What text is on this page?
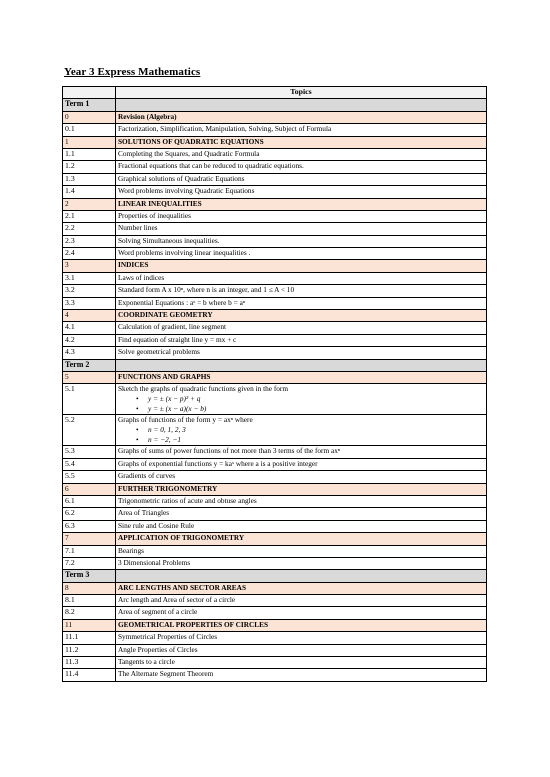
Year 3 Express Mathematics
	Topics
Term 1	
0	Revision (Algebra)
0.1	Factorization, Simplification, Manipulation, Solving, Subject of Formula
1	SOLUTIONS OF QUADRATIC EQUATIONS
1.1	Completing the Squares, and Quadratic Formula
1.2	Fractional equations that can be reduced to quadratic equations.
1.3	Graphical solutions of Quadratic Equations
1.4	Word problems involving Quadratic Equations
2	LINEAR INEQUALITIES
2.1	Properties of inequalities
2.2	Number lines
2.3	Solving Simultaneous inequalities.
2.4	Word problems involving linear inequalities .
3	INDICES
3.1	Laws of indices
3.2	Standard form A x 10ⁿ, where n is an integer, and 1 ≤ A < 10
3.3	Exponential Equations : aˣ = b where b = aⁿ
4	COORDINATE GEOMETRY
4.1	Calculation of gradient, line segment
4.2	Find equation of straight line y = mx + c
4.3	Solve geometrical problems
Term 2	
5	FUNCTIONS AND GRAPHS
5.1	Sketch the graphs of quadratic functions given in the form
• y = ± (x − p)² + q
• y = ± (x − a)(x − b)

5.2	Graphs of functions of the form y = axⁿ where
• n = 0, 1, 2, 3
• n = −2, −1

5.3	Graphs of sums of power functions of not more than 3 terms of the form axⁿ
5.4	Graphs of exponential functions y = kaˣ where a is a positive integer
5.5	Gradients of curves
6	FURTHER TRIGONOMETRY
6.1	Trigonometric ratios of acute and obtuse angles
6.2	Area of Triangles
6.3	Sine rule and Cosine Rule
7	APPLICATION OF TRIGONOMETRY
7.1	Bearings
7.2	3 Dimensional Problems
Term 3	
8	ARC LENGTHS AND SECTOR AREAS
8.1	Arc length and Area of sector of a circle
8.2	Area of segment of a circle
11	GEOMETRICAL PROPERTIES OF CIRCLES
11.1	Symmetrical Properties of Circles
11.2	Angle Properties of Circles
11.3	Tangents to a circle
11.4	The Alternate Segment Theorem
